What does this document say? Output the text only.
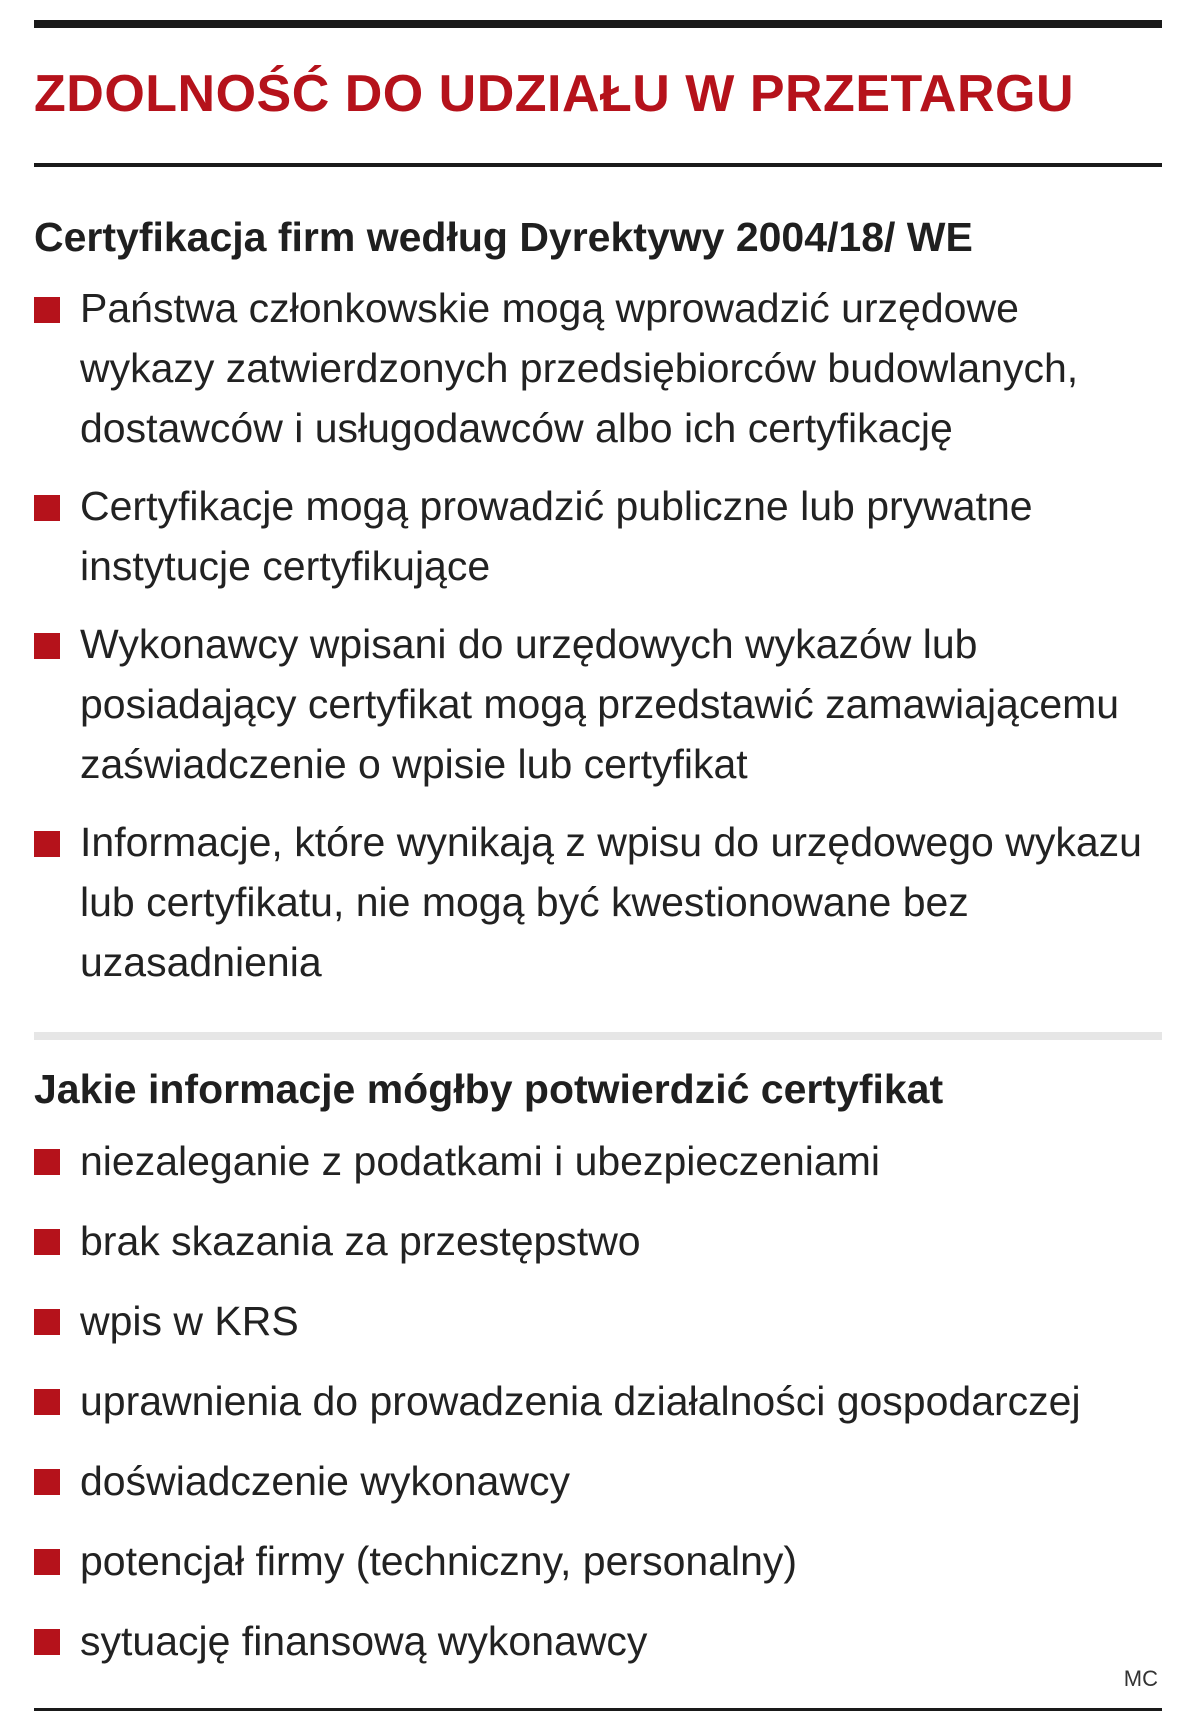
ZDOLNOŚĆ DO UDZIAŁU W PRZETARGU
Certyfikacja firm według Dyrektywy 2004/18/ WE
Państwa członkowskie mogą wprowadzić urzędowe wykazy zatwierdzonych przedsiębiorców budowlanych, dostawców i usługodawców albo ich certyfikację
Certyfikacje mogą prowadzić publiczne lub prywatne instytucje certyfikujące
Wykonawcy wpisani do urzędowych wykazów lub posiadający certyfikat mogą przedstawić zamawiającemu zaświadczenie o wpisie lub certyfikat
Informacje, które wynikają z wpisu do urzędowego wykazu lub certyfikatu, nie mogą być kwestionowane bez uzasadnienia
Jakie informacje mógłby potwierdzić certyfikat
niezaleganie z podatkami i ubezpieczeniami
brak skazania za przestępstwo
wpis w KRS
uprawnienia do prowadzenia działalności gospodarczej
doświadczenie wykonawcy
potencjał firmy (techniczny, personalny)
sytuację finansową wykonawcy
MC
